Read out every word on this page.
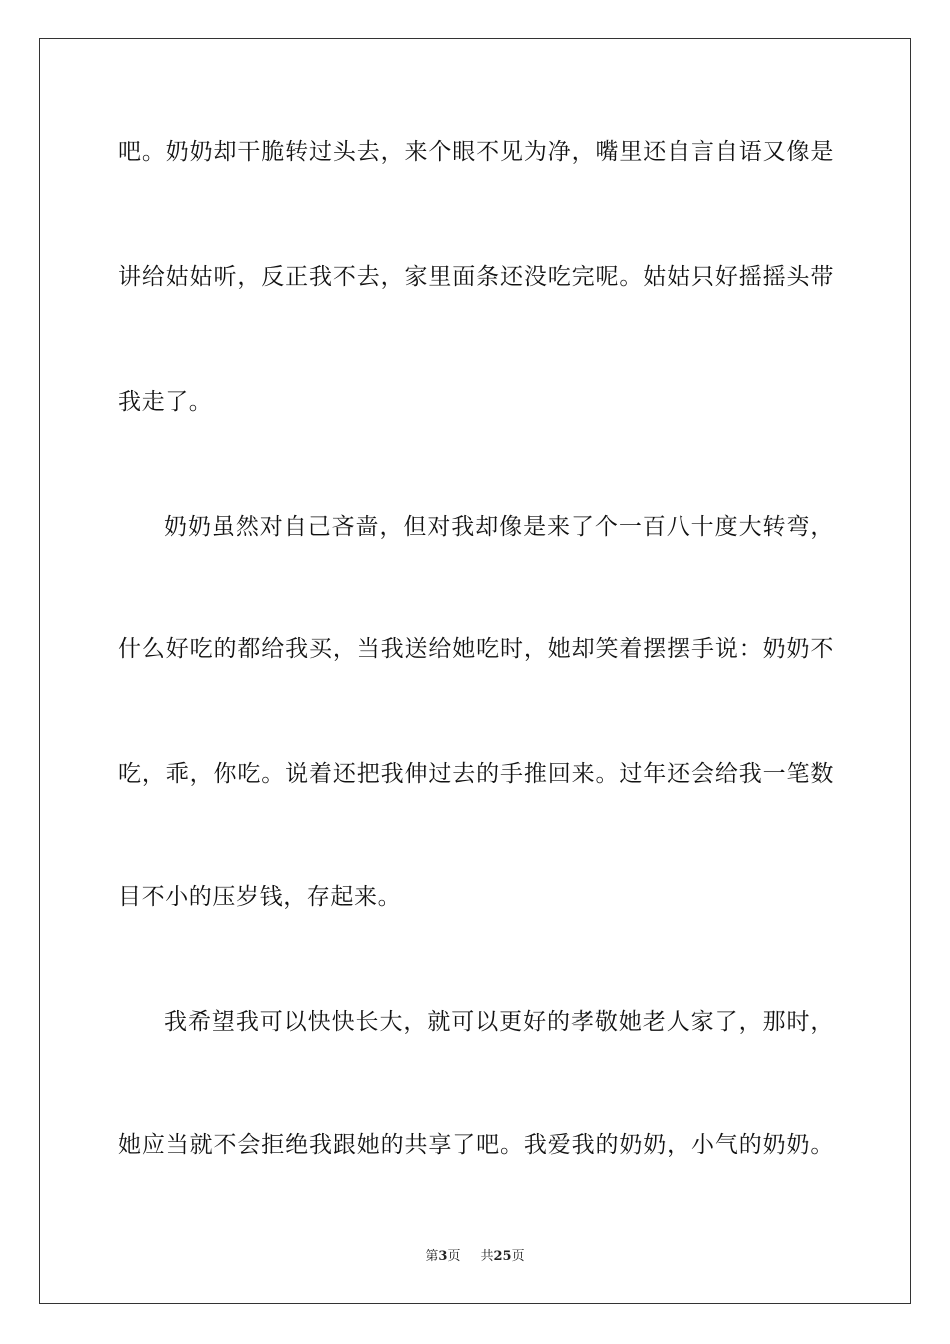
吧。奶奶却干脆转过头去，来个眼不见为净，嘴里还自言自语又像是
讲给姑姑听，反正我不去，家里面条还没吃完呢。姑姑只好摇摇头带
我走了。
奶奶虽然对自己吝啬，但对我却像是来了个一百八十度大转弯，
什么好吃的都给我买，当我送给她吃时，她却笑着摆摆手说：奶奶不
吃，乖，你吃。说着还把我伸过去的手推回来。过年还会给我一笔数
目不小的压岁钱，存起来。
我希望我可以快快长大，就可以更好的孝敬她老人家了，那时，
她应当就不会拒绝我跟她的共享了吧。我爱我的奶奶，小气的奶奶。
第3页 共25页
